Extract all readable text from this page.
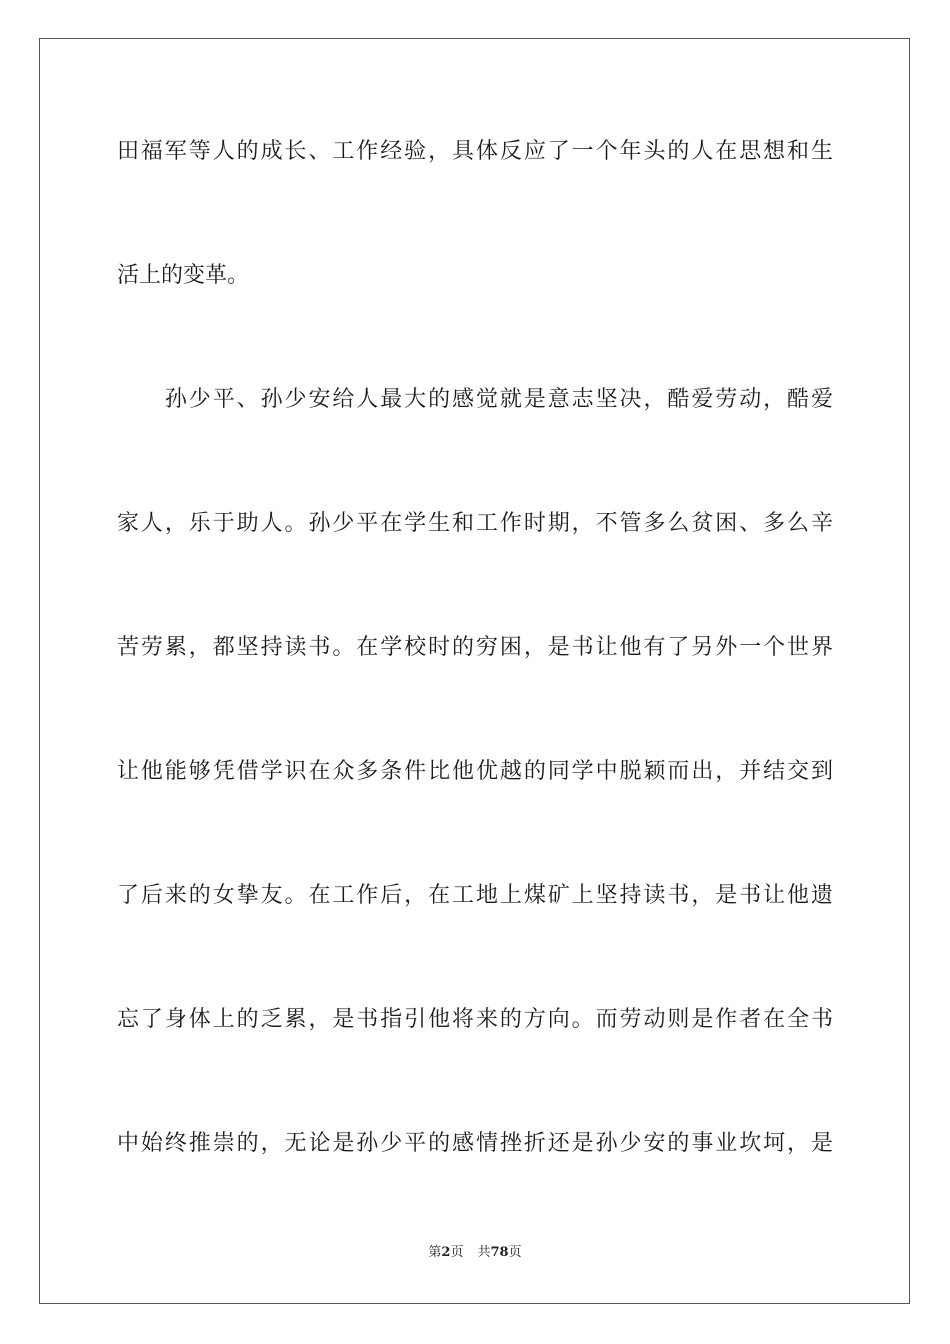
田福军等人的成长、工作经验，具体反应了一个年头的人在思想和生
活上的变革。
　　孙少平、孙少安给人最大的感觉就是意志坚决，酷爱劳动，酷爱
家人，乐于助人。孙少平在学生和工作时期，不管多么贫困、多么辛
苦劳累，都坚持读书。在学校时的穷困，是书让他有了另外一个世界
让他能够凭借学识在众多条件比他优越的同学中脱颖而出，并结交到
了后来的女挚友。在工作后，在工地上煤矿上坚持读书，是书让他遗
忘了身体上的乏累，是书指引他将来的方向。而劳动则是作者在全书
中始终推崇的，无论是孙少平的感情挫折还是孙少安的事业坎坷，是
第2页 共78页
